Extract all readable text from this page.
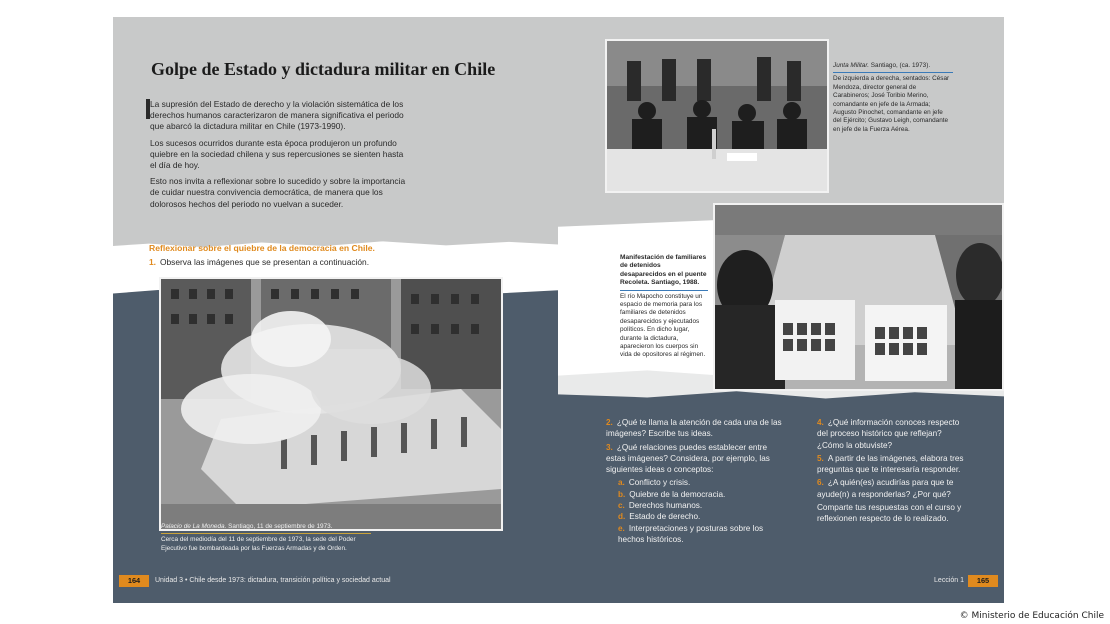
Golpe de Estado y dictadura militar en Chile

La supresión del Estado de derecho y la violación sistemática de los derechos humanos caracterizaron de manera significativa el periodo que abarcó la dictadura militar en Chile (1973-1990).

Los sucesos ocurridos durante esta época produjeron un profundo quiebre en la sociedad chilena y sus repercusiones se sienten hasta el día de hoy.

Esto nos invita a reflexionar sobre lo sucedido y sobre la importancia de cuidar nuestra convivencia democrática, de manera que los dolorosos hechos del periodo no vuelvan a suceder.

Reflexionar sobre el quiebre de la democracia en Chile.
1. Observa las imágenes que se presentan a continuación.
Palacio de La Moneda. Santiago, 11 de septiembre de 1973.
Cerca del mediodía del 11 de septiembre de 1973, la sede del Poder Ejecutivo fue bombardeada por las Fuerzas Armadas y de Orden.
Junta Militar. Santiago, (ca. 1973).
De izquierda a derecha, sentados: César Mendoza, director general de Carabineros; José Toribio Merino, comandante en jefe de la Armada; Augusto Pinochet, comandante en jefe del Ejército; Gustavo Leigh, comandante en jefe de la Fuerza Aérea.
Manifestación de familiares de detenidos desaparecidos en el puente Recoleta. Santiago, 1988.
El río Mapocho constituye un espacio de memoria para los familiares de detenidos desaparecidos y ejecutados políticos. En dicho lugar, durante la dictadura, aparecieron los cuerpos sin vida de opositores al régimen.
2. ¿Qué te llama la atención de cada una de las imágenes? Escribe tus ideas.
3. ¿Qué relaciones puedes establecer entre estas imágenes? Considera, por ejemplo, las siguientes ideas o conceptos:
a. Conflicto y crisis.
b. Quiebre de la democracia.
c. Derechos humanos.
d. Estado de derecho.
e. Interpretaciones y posturas sobre los hechos históricos.
4. ¿Qué información conoces respecto del proceso histórico que reflejan? ¿Cómo la obtuviste?
5. A partir de las imágenes, elabora tres preguntas que te interesaría responder.
6. ¿A quién(es) acudirías para que te ayude(n) a responderlas? ¿Por qué?
Compartе tus respuestas con el curso y reflexionen respecto de lo realizado.
164	Unidad 3 • Chile desde 1973: dictadura, transición política y sociedad actual	Lección 1	165
© Ministerio de Educación Chile
